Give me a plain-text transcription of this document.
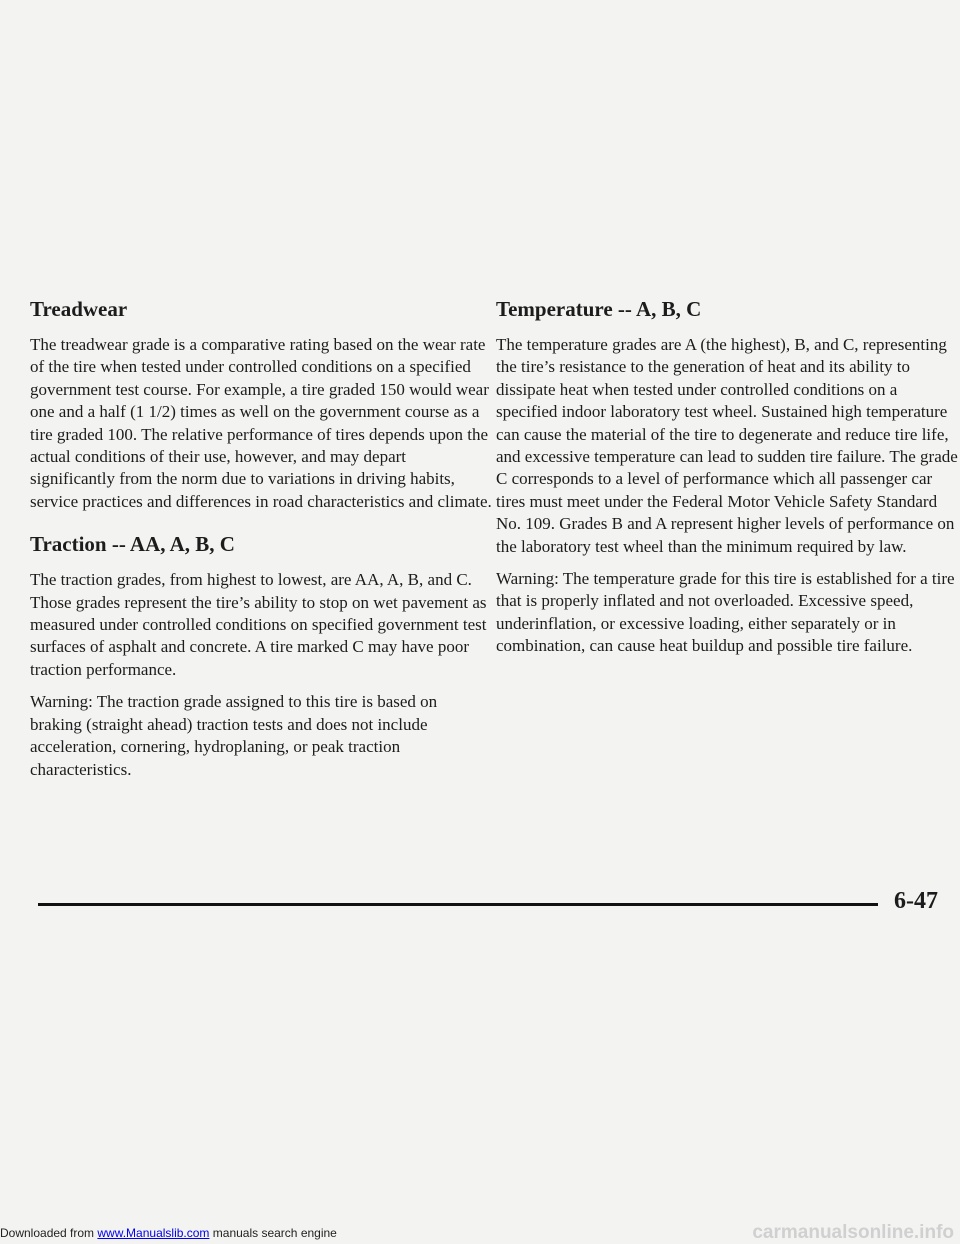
Treadwear

The treadwear grade is a comparative rating based on the wear rate of the tire when tested under controlled conditions on a specified government test course. For example, a tire graded 150 would wear one and a half (1 1/2) times as well on the government course as a tire graded 100. The relative performance of tires depends upon the actual conditions of their use, however, and may depart significantly from the norm due to variations in driving habits, service practices and differences in road characteristics and climate.

Traction -- AA, A, B, C

The traction grades, from highest to lowest, are AA, A, B, and C. Those grades represent the tire’s ability to stop on wet pavement as measured under controlled conditions on specified government test surfaces of asphalt and concrete. A tire marked C may have poor traction performance.

Warning: The traction grade assigned to this tire is based on braking (straight ahead) traction tests and does not include acceleration, cornering, hydroplaning, or peak traction characteristics.

Temperature -- A, B, C

The temperature grades are A (the highest), B, and C, representing the tire’s resistance to the generation of heat and its ability to dissipate heat when tested under controlled conditions on a specified indoor laboratory test wheel. Sustained high temperature can cause the material of the tire to degenerate and reduce tire life, and excessive temperature can lead to sudden tire failure. The grade C corresponds to a level of performance which all passenger car tires must meet under the Federal Motor Vehicle Safety Standard No. 109. Grades B and A represent higher levels of performance on the laboratory test wheel than the minimum required by law.

Warning: The temperature grade for this tire is established for a tire that is properly inflated and not overloaded. Excessive speed, underinflation, or excessive loading, either separately or in combination, can cause heat buildup and possible tire failure.

6-47
Downloaded from www.Manualslib.com manuals search engine	carmanualsonline.info
